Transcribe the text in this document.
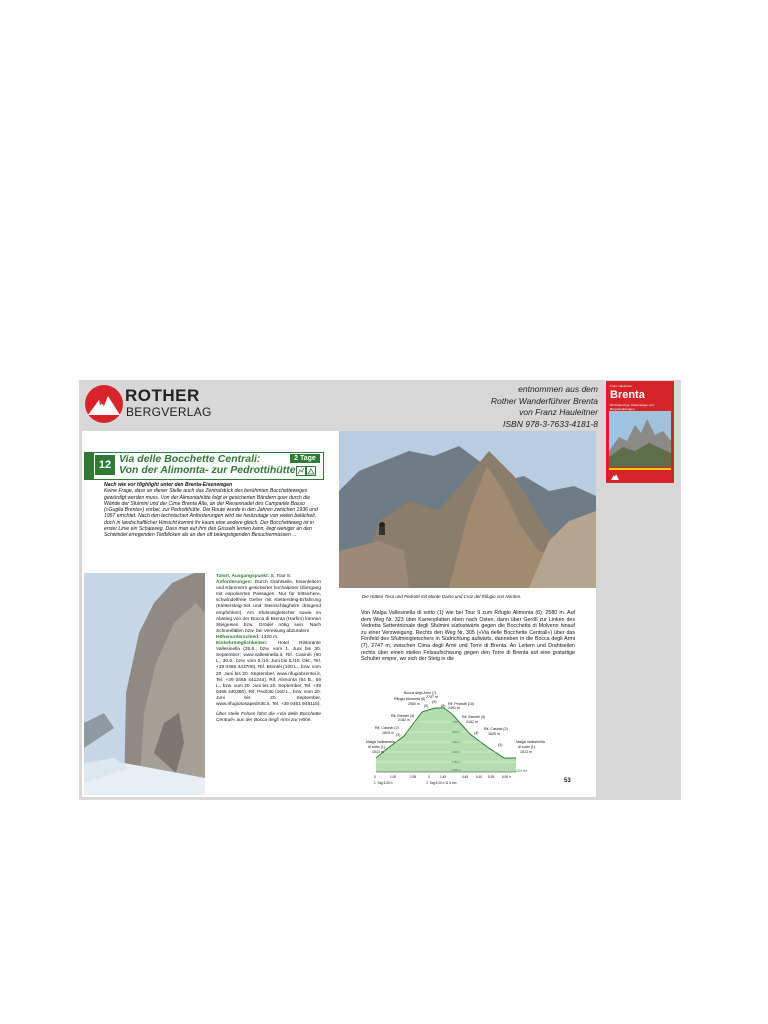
ROTHER
BERGVERLAG
entnommen aus dem
Rother Wanderführer Brenta
von Franz Hauleitner
ISBN 978-3-7633-4181-8
Franz Hauleitner
Brenta
60 Hüttenzüge, Klettersteige und Bergwanderungen
12 Via delle Bocchette Centrali:
Von der Alimonta- zur Pedrottihütte
2 Tage
Nach wie vor Highlight unter den Brenta-Eisenwegen
Keine Frage, dass an dieser Stelle auch das Zentralstück des berühmten Bocchetteweges gewürdigt werden muss. Von der Alimontahütte folgt er gesicherten Bändern quer durch die Wände der Sfulmini und der Cime Brenta Alta, an der Riesennadel des Campanile Basso (»Guglia Brenta«) vorbei, zur Pedrottihütte. Die Route wurde in den Jahren zwischen 1936 und 1957 errichtet. Nach den technischen Anforderungen wird sie heutzutage von vielen belächelt, doch in landschaftlicher Hinsicht kommt ihr kaum eine andere gleich. Der Bocchetteweg ist in erster Linie ein Schauweg. Dass man auf ihm das Gruseln lernen kann, liegt weniger an den Schwindel erregenden Tiefblicken als an den oft beängstigenden Besuchermassen ...
Talort, Ausgangspunkt: S. Tour 8.
Anforderungen: Durch Drahtseile, Eisenleitern und Klammern gesicherter hochalpiner Übergang mit exponierten Passagen. Nur für trittsichere, schwindelfreie Geher mit Klettersteig-Erfahrung (Klettersteig-Set und Steinschlaghelm dringend empfohlen!). Am Sfulminigletscher sowie im Abstieg von der Bocca di Brenta (Harfirn) können Steigeisen bzw. Grödel nötig sein. Nach Schneefällen bzw. bei Vereisung abzuraten!
Höhenunterschied: 1320 m.
Einkehrmöglichkeiten: Hotel Ristorante Vallesinella (25.6., bzw. vom 1. Juni bis 30. September; www.vallesinella.it, Rif. Casinèi (90 L., 30.6., bzw. vom 5./10. Juni bis 5./10. Okt., Tel. +39 0465 443708), Rif. Brentèi (100 L., bzw. vom 20. Juni bis 20. September, www.rifugiobrentei.it, Tel. +39 0465 441244), Rif. Alimonta (54 B., 59 L., bzw. vom 20. Juni bis 20. September, Tel. +39 0465 440366), Rif. Pedrotti (160 L., bzw. vom 20. Juni bis 20. September, www.rifugiotosapedrotti.it, Tel. +39 0461 948115).
Über steile Felsen führt die »Via delle Bocchette Centrali« aus der Bocca degli Armi zur Höhe.
Die Hütten Tosa und Pedrotti mit Monte Daino und Croz del Rifugio von Norden.
Von Malga Vallesinella di sotto (1) wie bei Tour 9 zum Rifugio Alimonta (6), 2580 m. Auf dem Weg Nr. 323 über Karrenplatten eben nach Osten, dann über Geröll zur Linken des Vedretta Settentrionale degli Sfulmini südostwärts gegen die Bocchetta di Molveno hinauf zu einer Verzweigung. Rechts den Weg Nr. 305 (»Via delle Bocchette Centrali«) über das Firnfeld des Sfulminigletschers in Südrichtung aufwärts, danneben in die Bocca degli Armi (7), 2747 m, zwischen Cima degli Armi und Torre di Brenta. An Leitern und Drahtseilen rechts über einen steilen Felsaufschwung gegen den Torre di Brenta auf eine gratartige Schulter empor, wo sich der Steig in die
Bocca degli Armi (7)
2747 m
Rifugio Alimonta (6)
2580 m	Rif. Pedrotti (10)
2491 m
Rif. Brentèi (4)
2182 m
Rif. Brentèi (4)
2182 m
Rif. Casinèi (2)
1825 m
Rif. Casinèi (2)
1825 m
Malga Vallesinella
di sotto (1)
1513 m
Malga Vallesinella
di sotto (1)
1513 m
(3)
(5)	(8)
(9)
(4)
(3)
2750 m
2500 m
2250 m
2000 m
1750 m
1500 m
0	1:00	2:35	0	1:45	4:45 5:10 5:35 6:30 h
1. Tag 3:30 h	2. Tag 6:30 h 11,5 km
18,5 km
53
